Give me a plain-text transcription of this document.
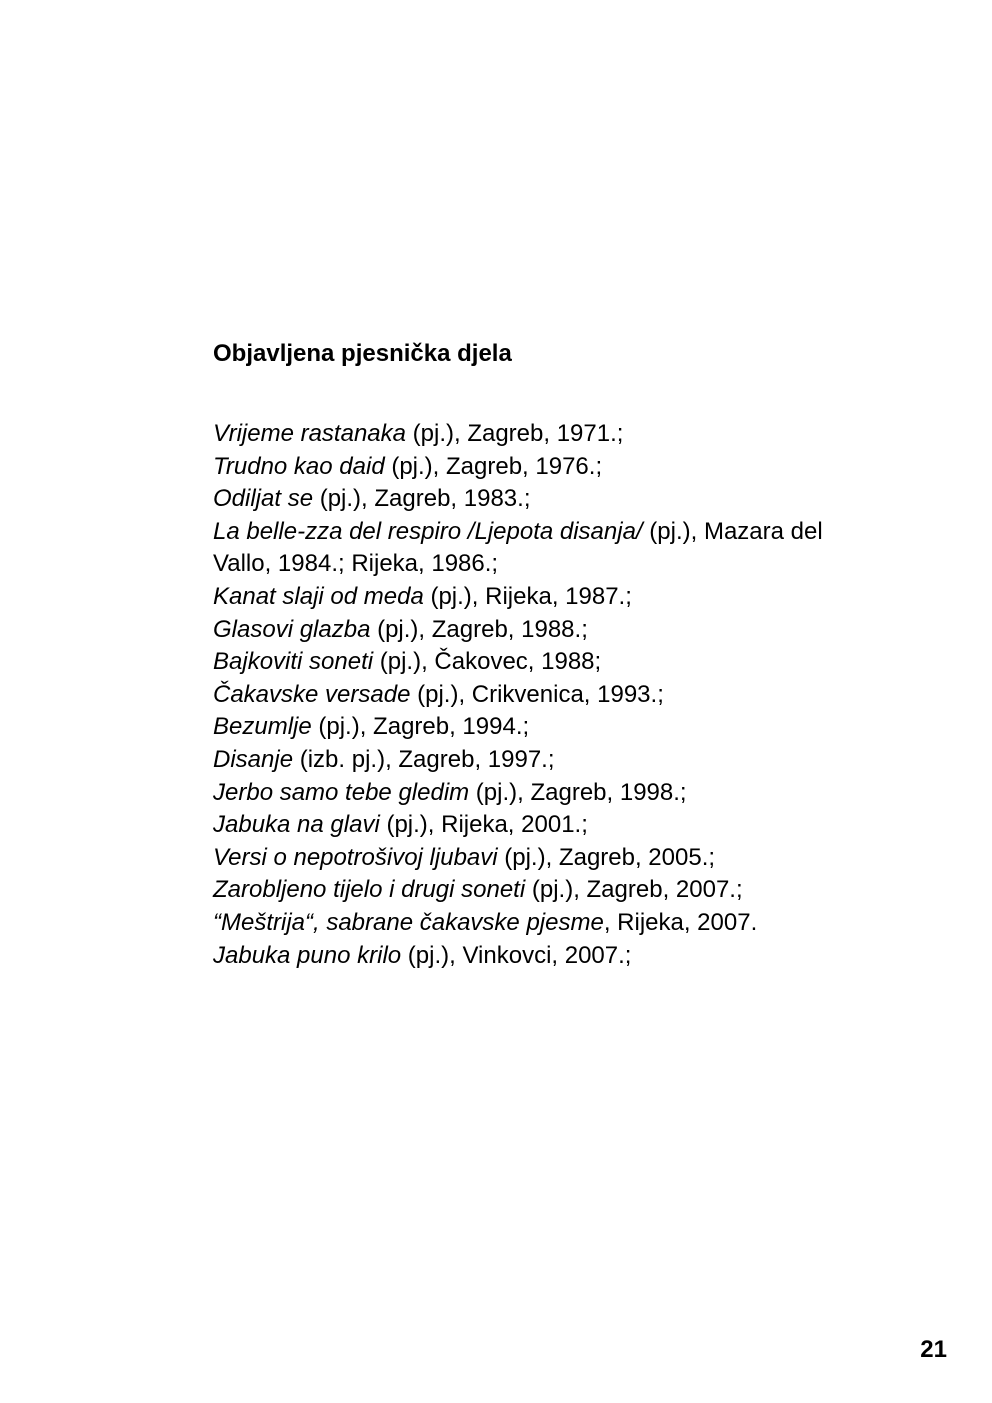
Objavljena pjesnička djela
Vrijeme rastanaka (pj.), Zagreb, 1971.;
Trudno kao daid (pj.), Zagreb, 1976.;
Odiljat se (pj.), Zagreb, 1983.;
La belle-zza del respiro /Ljepota disanja/ (pj.), Mazara del Vallo, 1984.; Rijeka, 1986.;
Kanat slaji od meda (pj.), Rijeka, 1987.;
Glasovi glazba (pj.), Zagreb, 1988.;
Bajkoviti soneti (pj.), Čakovec, 1988;
Čakavske versade (pj.), Crikvenica, 1993.;
Bezumlje (pj.), Zagreb, 1994.;
Disanje (izb. pj.), Zagreb, 1997.;
Jerbo samo tebe gledim (pj.), Zagreb, 1998.;
Jabuka na glavi (pj.), Rijeka, 2001.;
Versi o nepotrošivoj ljubavi (pj.), Zagreb, 2005.;
Zarobljeno tijelo i drugi soneti (pj.), Zagreb, 2007.;
“Meštrija“, sabrane čakavske pjesme, Rijeka, 2007.
Jabuka puno krilo (pj.), Vinkovci, 2007.;
21
